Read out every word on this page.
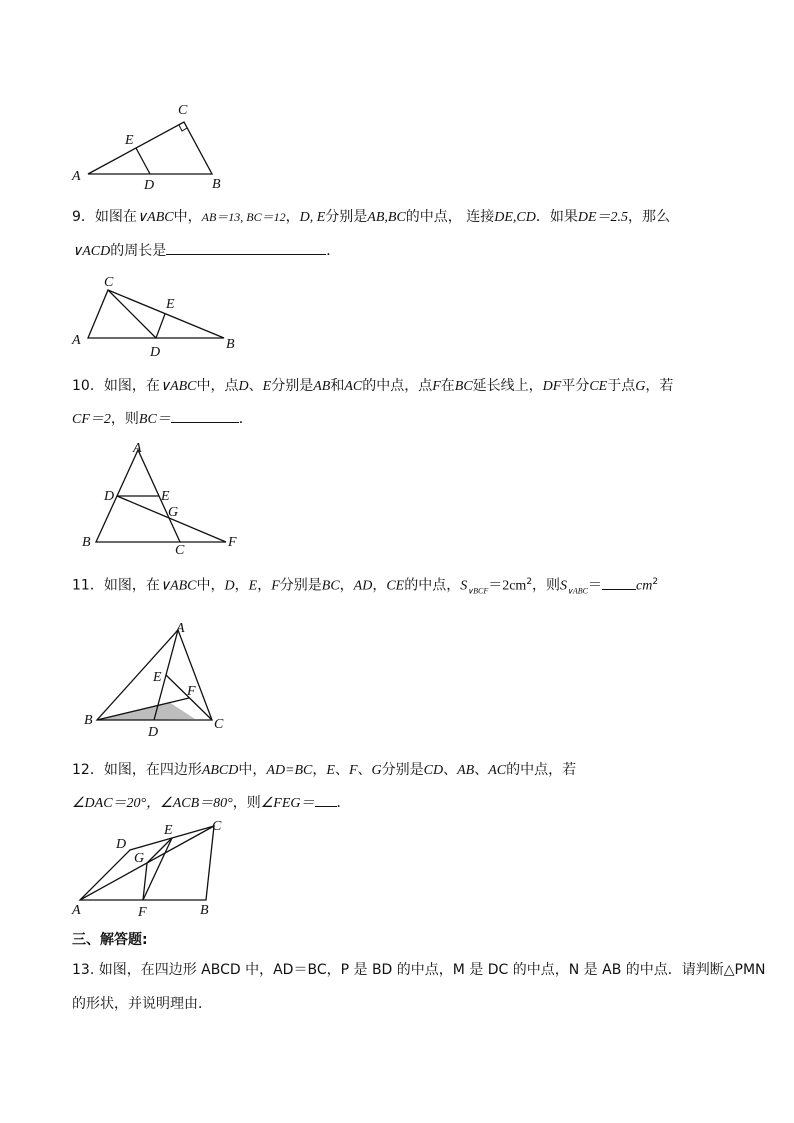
A
B
C
D
E
9．如图在∨ABC中，AB＝13, BC＝12，D, E分别是AB,BC的中点， 连接DE,CD．如果DE＝2.5，那么
∨ACD的周长是	．
A	B
C
D
E
10．如图，在∨ABC中，点D、E分别是AB和AC的中点，点F在BC延长线上，DF平分CE于点G，若
CF＝2，则BC＝	．
A
B
C
D	E
F
G
11．如图，在∨ABC中，D，E，F分别是BC，AD，CE的中点，$S_{\vee BCF}=2cm^2$，则$S_{\vee ABC}= cm^2$
A
B	C
D
E
F
12．如图，在四边形ABCD中，AD=BC，E、F、G分别是CD、AB、AC的中点，若
∠DAC＝20°，∠ACB＝80°，则∠FEG＝ ．
A	B
C
D
E
F
G
三、解答题:
13. 如图，在四边形 ABCD 中，AD＝BC，P 是 BD 的中点，M 是 DC 的中点，N 是 AB 的中点．请判断△PMN
的形状，并说明理由．
